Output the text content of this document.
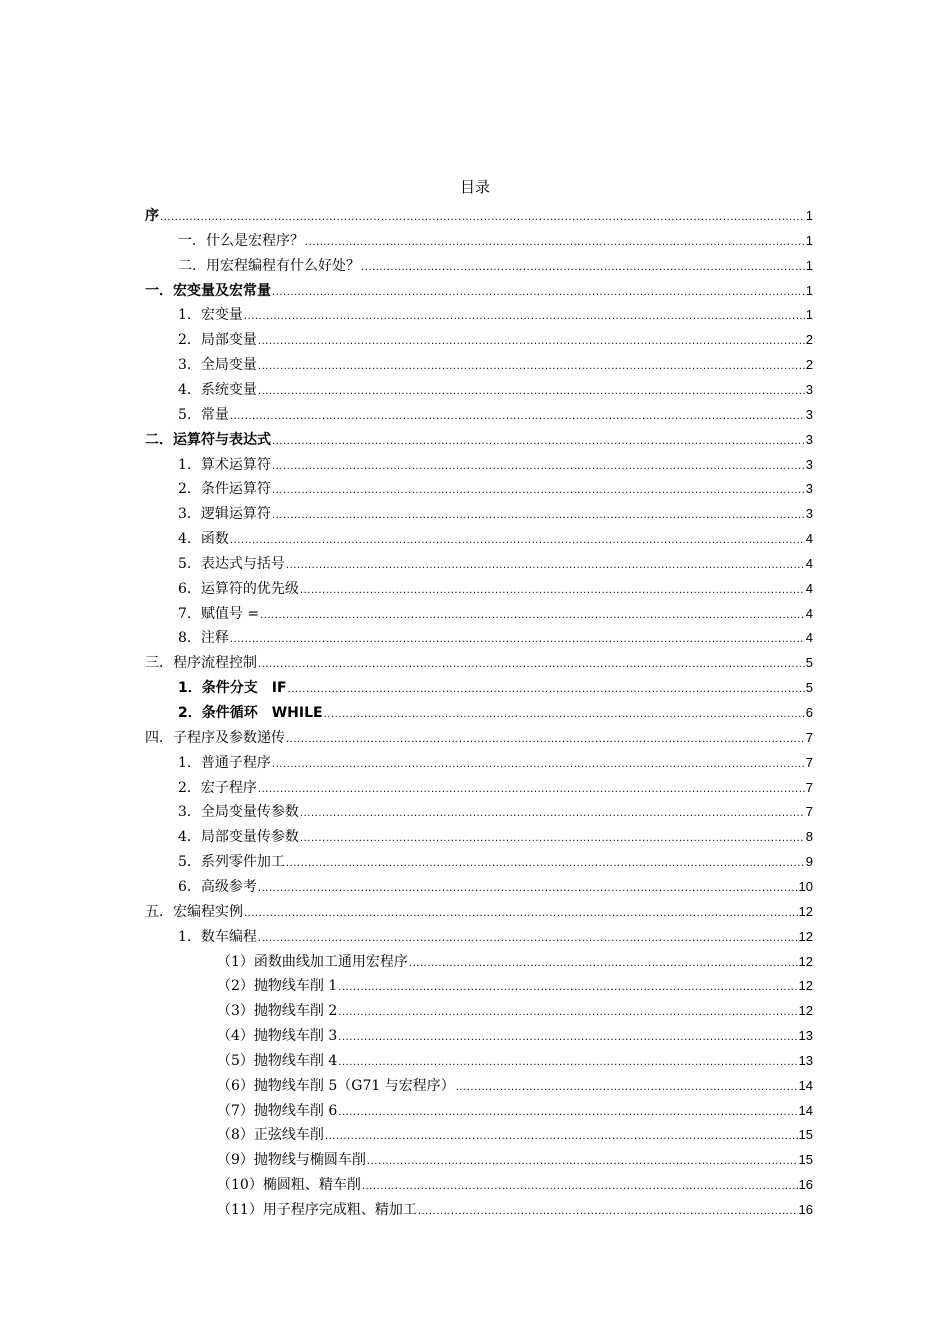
目录
序 .....	1
一．什么是宏程序？ .....	1
二．用宏程编程有什么好处？ .....	1
一．宏变量及宏常量 .....	1
1．宏变量 .....	1
2．局部变量 .....	2
3．全局变量 .....	2
4．系统变量 .....	3
5．常量 .....	3
二．运算符与表达式 .....	3
1．算术运算符 .....	3
2．条件运算符 .....	3
3．逻辑运算符 .....	3
4．函数 .....	4
5．表达式与括号 .....	4
6．运算符的优先级 .....	4
7．赋值号 = .....	4
8．注释 .....	4
三．程序流程控制 .....	5
1．条件分支　IF .....	5
2．条件循环　WHILE .....	6
四．子程序及参数递传 .....	7
1．普通子程序 .....	7
2．宏子程序 .....	7
3．全局变量传参数 .....	7
4．局部变量传参数 .....	8
5．系列零件加工 .....	9
6．高级参考 .....	10
五．宏编程实例 .....	12
1．数车编程 .....	12
（1）函数曲线加工通用宏程序 .....	12
（2）抛物线车削 1 .....	12
（3）抛物线车削 2 .....	12
（4）抛物线车削 3 .....	13
（5）抛物线车削 4 .....	13
（6）抛物线车削 5（G71 与宏程序） .....	14
（7）抛物线车削 6 .....	14
（8）正弦线车削 .....	15
（9）抛物线与椭圆车削 .....	15
（10）椭圆粗、精车削 .....	16
（11）用子程序完成粗、精加工 .....	16
